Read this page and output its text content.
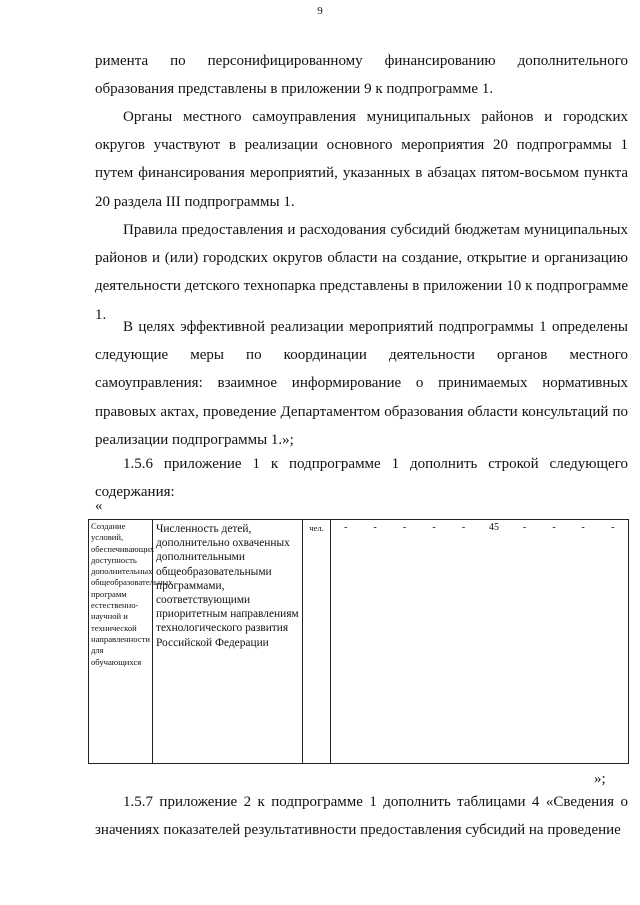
9

римента по персонифицированному финансированию дополнительного образования представлены в приложении 9 к подпрограмме 1.

Органы местного самоуправления муниципальных районов и городских округов участвуют в реализации основного мероприятия 20 подпрограммы 1 путем финансирования мероприятий, указанных в абзацах пятом-восьмом пункта 20 раздела III подпрограммы 1.

Правила предоставления и расходования субсидий бюджетам муниципальных районов и (или) городских округов области на создание, открытие и организацию деятельности детского технопарка представлены в приложении 10 к подпрограмме 1.

В целях эффективной реализации мероприятий подпрограммы 1 определены следующие меры по координации деятельности органов местного самоуправления: взаимное информирование о принимаемых нормативных правовых актах, проведение Департаментом образования области консультаций по реализации подпрограммы 1.»;

1.5.6 приложение 1 к подпрограмме 1 дополнить строкой следующего содержания:

«
Создание условий, обеспечивающих доступность дополнительных общеобразовательных программ естественно-научной и технической направленности для обучающихся	Численность детей, дополнительно охваченных дополнительными общеобразовательными программами, соответствующими приоритетным направлениям технологического развития Российской Федерации	чел.	-	-	-	-	-	45	-	-	-	-
»;

1.5.7 приложение 2 к подпрограмме 1 дополнить таблицами 4 «Сведения о значениях показателей результативности предоставления субсидий на проведение
